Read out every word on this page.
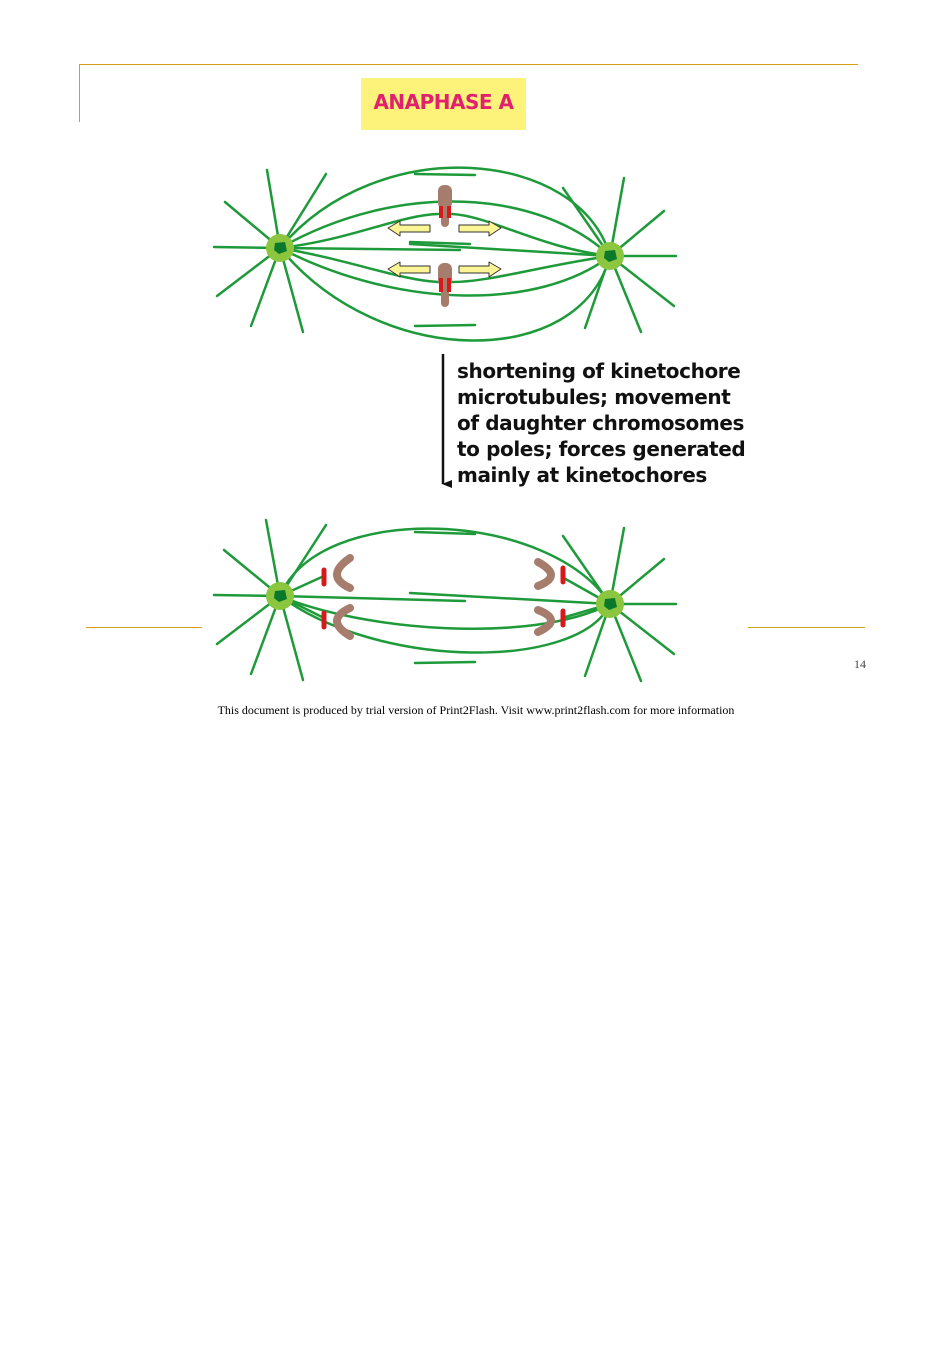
ANAPHASE A
shortening of kinetochore
microtubules; movement
of daughter chromosomes
to poles; forces generated
mainly at kinetochores
14
This document is produced by trial version of Print2Flash. Visit www.print2flash.com for more information
